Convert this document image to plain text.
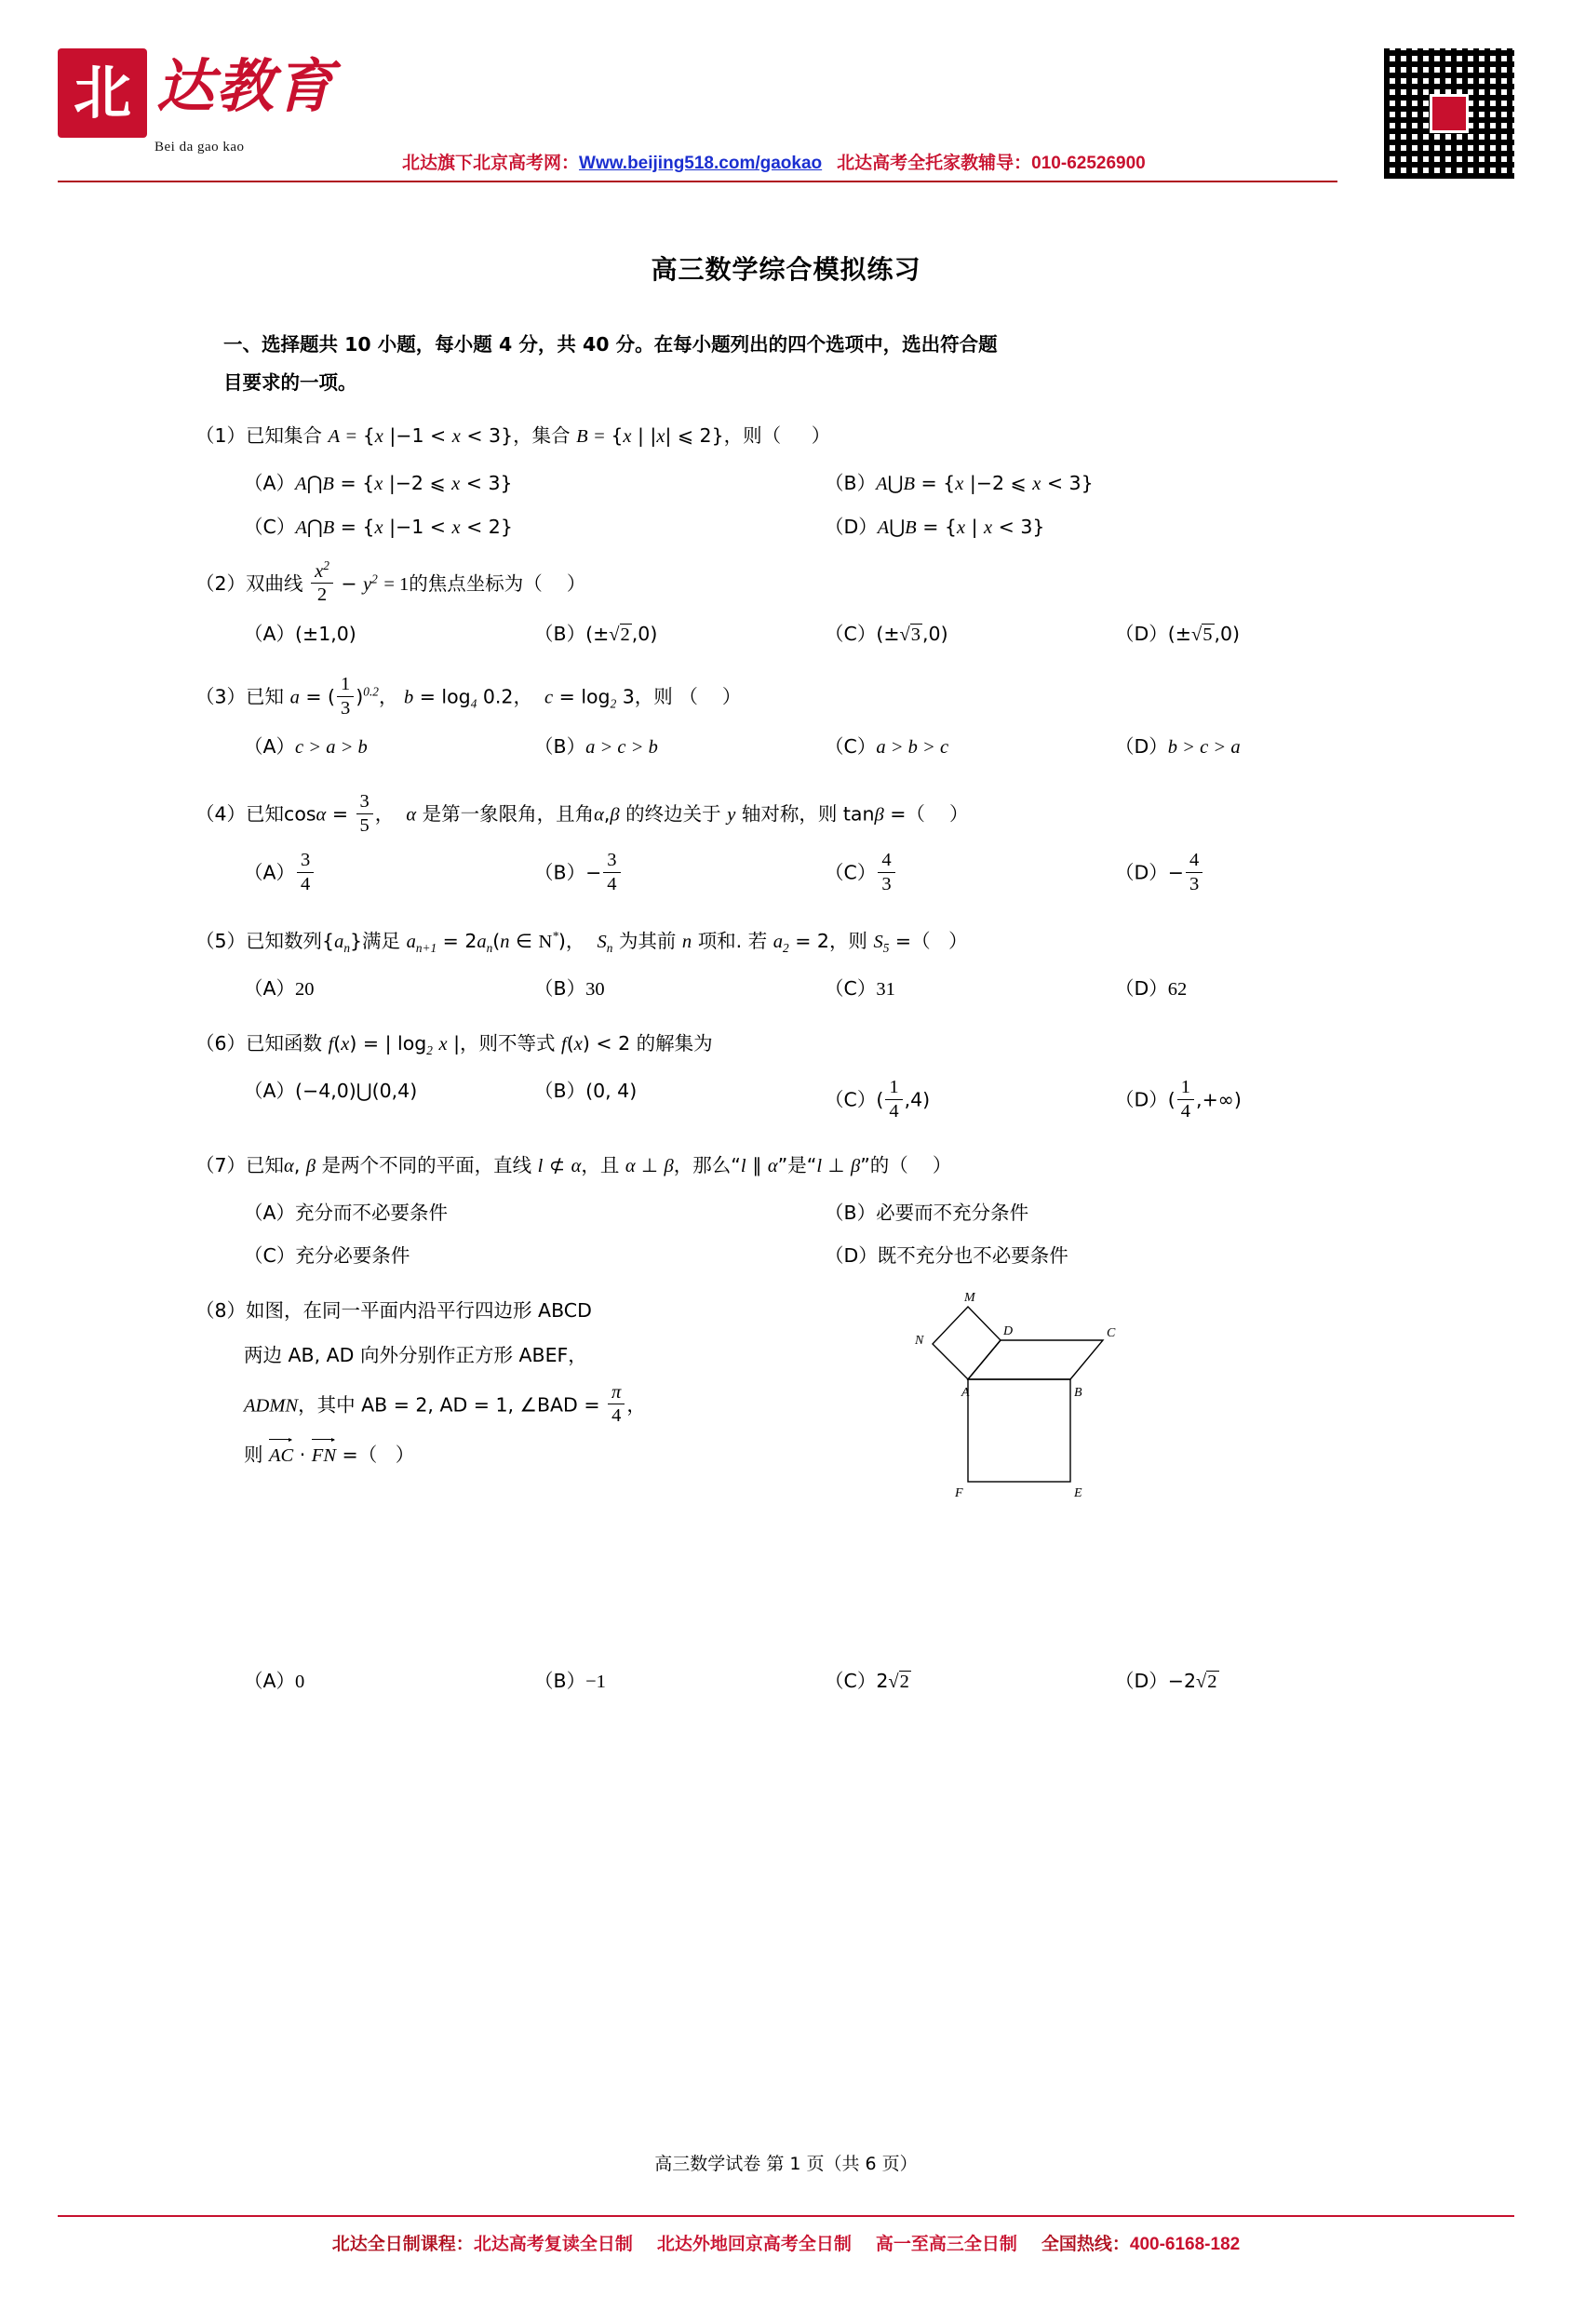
北 达教育
Bei da gao kao
北达旗下北京高考网：Www.beijing518.com/gaokao 北达高考全托家教辅导：010-62526900
高三数学综合模拟练习
一、选择题共 10 小题，每小题 4 分，共 40 分。在每小题列出的四个选项中，选出符合题
目要求的一项。
（1）已知集合 A = {x |−1 < x < 3}，集合 B = {x | |x| ⩽ 2}，则（ ）
（A）A⋂B = {x |−2 ⩽ x < 3}	（B）A⋃B = {x |−2 ⩽ x < 3}
（C）A⋂B = {x |−1 < x < 2}	（D）A⋃B = {x | x < 3}
（2）双曲线 $\frac{x^2}{2} - y^2 = 1$的焦点坐标为（ ）
（A）(±1,0)	（B）(±√2,0)	（C）(±√3,0)	（D）(±√5,0)
（3）已知 a = ( $\frac{1}{3} )^{0.2}$， $b = \log_4 0.2$，  $c = \log_2 3$，则 （ ）
（A）c > a > b	（B）a > c > b	（C）a > b > c	（D）b > c > a
（4）已知$\cos\alpha = \frac{3}{5}$ ，  α 是第一象限角，且角α,β 的终边关于 y 轴对称，则 tanβ =（ ）
$(A) \frac{3}{4}$	$(B)- \frac{3}{4}$	$(C) \frac{4}{3}$	$(D)- \frac{4}{3}$
（5）已知数列$\{a_n\}$满足 $a_{n+1} = 2a_n(n$ ∈ N*)，  $S_n$ 为其前 n 项和. 若 $a_2 = 2$，则 $S_5$ =（ ）
（A）20	（B）30	（C）31	（D）62
（6）已知函数 f(x) = | $\log_2 x$ |，则不等式 f(x) < 2 的解集为
（A）(−4,0)⋃(0,4)	（B）(0, 4)	$(C)( \frac{1}{4} ,4)$	$(D)( \frac{1}{4}$ ,+∞)
（7）已知α, β 是两个不同的平面，直线 l ⊄ α，且 α ⊥ β，那么“l ∥ α”是“l ⊥ β”的（ ）
（A）充分而不必要条件	（B）必要而不充分条件
（C）充分必要条件	（D）既不充分也不必要条件
（8）如图，在同一平面内沿平行四边形 ABCD
两边 AB, AD 向外分别作正方形 ABEF，
ADMN，其中 AB = 2, AD = 1, ∠BAD = $\frac{\pi}{4}$ ，
则 AC · FN =（ ）
A	B
C
D
E
F
M
N
（A）0	（B）−1	（C）2√2	（D）−2√2
高三数学试卷 第 1 页（共 6 页）
北达全日制课程：北达高考复读全日制 北达外地回京高考全日制 高一至高三全日制 全国热线：400-6168-182
